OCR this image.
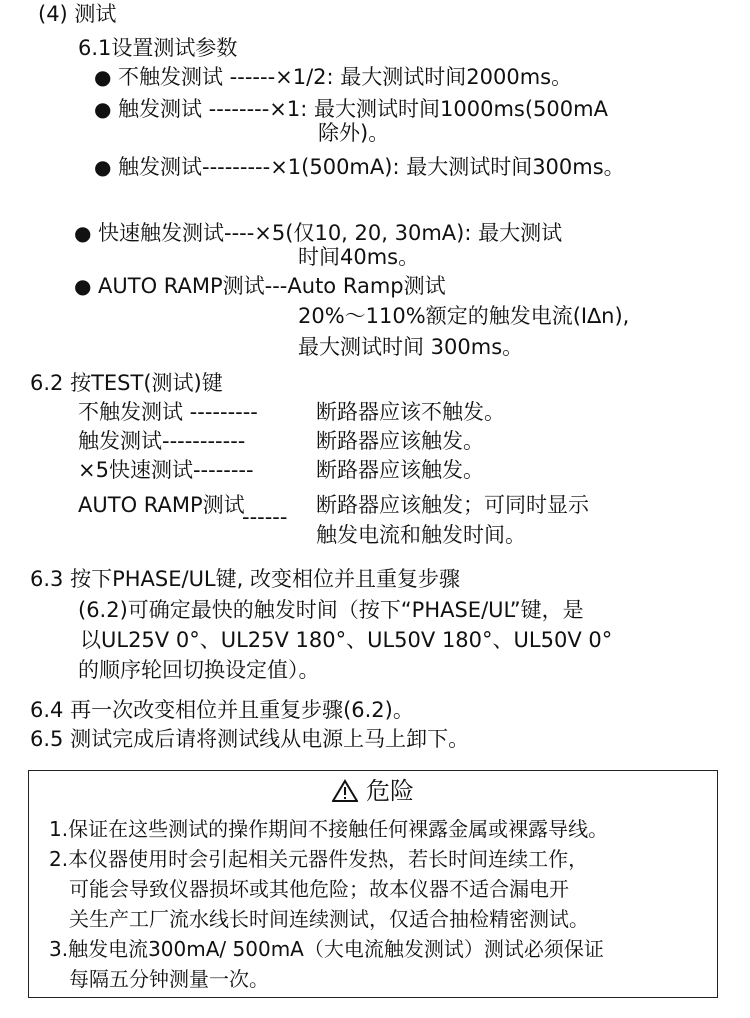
(4) 测试
6.1设置测试参数
● 不触发测试 ------×1/2: 最大测试时间2000ms。
● 触发测试 --------×1: 最大测试时间1000ms(500mA
除外)。
● 触发测试---------×1(500mA): 最大测试时间300ms。
● 快速触发测试----×5(仅10, 20, 30mA): 最大测试
时间40ms。
● AUTO RAMP测试---Auto Ramp测试
20%～110%额定的触发电流(I∆n),
最大测试时间 300ms。
6.2 按TEST(测试)键
不触发测试 ---------	断路器应该不触发。
触发测试-----------	断路器应该触发。
×5快速测试--------	断路器应该触发。
AUTO RAMP测试
------ 断路器应该触发；可同时显示
触发电流和触发时间。
6.3 按下PHASE/UL键, 改变相位并且重复步骤
(6.2)可确定最快的触发时间（按下“PHASE/UL”键，是
以UL25V 0°、UL25V 180°、UL50V 180°、UL50V 0°
的顺序轮回切换设定值）。
6.4 再一次改变相位并且重复步骤(6.2)。
6.5 测试完成后请将测试线从电源上马上卸下。
危险
1.保证在这些测试的操作期间不接触任何裸露金属或裸露导线。
2.本仪器使用时会引起相关元器件发热，若长时间连续工作，
可能会导致仪器损坏或其他危险；故本仪器不适合漏电开
关生产工厂流水线长时间连续测试，仅适合抽检精密测试。
3.触发电流300mA/ 500mA（大电流触发测试）测试必须保证
每隔五分钟测量一次。
